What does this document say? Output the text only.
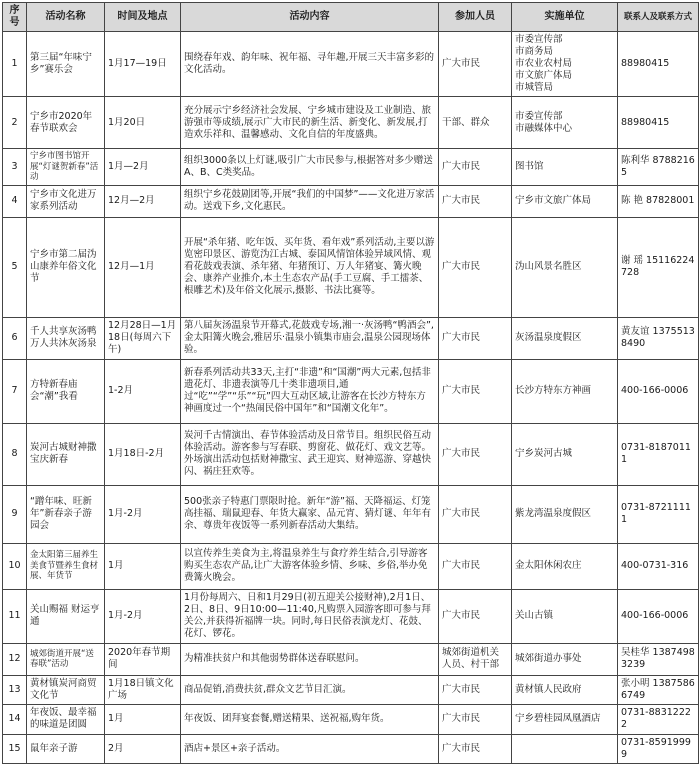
序号	活动名称	时间及地点	活动内容	参加人员	实施单位	联系人及联系方式
1	第三届“年味宁乡”赛乐会	1月17—19日	围绕春年戏、韵年味、祝年福、寻年趣,开展三天丰富多彩的文化活动。	广大市民	市委宣传部
市商务局
市农业农村局
市文旅广体局
市城管局	88980415
2	宁乡市2020年春节联欢会	1月20日	充分展示宁乡经济社会发展、宁乡城市建设及工业制造、旅游强市等成绩,展示广大市民的新生活、新变化、新发展,打造欢乐祥和、温馨感动、文化自信的年度盛典。	干部、群众	市委宣传部
市融媒体中心	88980415
3	宁乡市图书馆开展“灯谜贺新春”活动	1月—2月	组织3000条以上灯谜,吸引广大市民参与,根据答对多少赠送A、B、C类奖品。	广大市民	图书馆	陈利华 87882165
4	宁乡市文化进万家系列活动	12月—2月	组织宁乡花鼓剧团等,开展“我们的中国梦”——文化进万家活动。送戏下乡,文化惠民。	广大市民	宁乡市文旅广体局	陈 艳 87828001
5	宁乡市第二届沩山康养年俗文化节	12月—1月	开展“杀年猪、吃年饭、买年货、看年戏”系列活动,主要以游览密印景区、游览沩江古城、泰国风情馆体验异域风情、观看花鼓戏表演、杀年猪、年猪预订、万人年猪宴、篝火晚会、康养产业推介,本土生态农产品(手工豆腐、手工擂茶、根雕艺术)及年俗文化展示,摄影、书法比赛等。	广大市民	沩山风景名胜区	谢 瑶 15116224728
6	千人共享灰汤鸭 万人共沐灰汤泉	12月28日—1月18日(每周六下午)	第八届灰汤温泉节开幕式,花鼓戏专场,湘一·灰汤鸭“鸭酒会”,金太阳篝火晚会,雅居乐·温泉小镇集市庙会,温泉公园现场体验。	广大市民	灰汤温泉度假区	黄友谊 13755138490
7	方特新春庙会“潮”我看	1-2月	新春系列活动共33天,主打“非遗”和“国潮”两大元素,包括非遗花灯、非遗表演等几十类非遗项目,通过“吃”“学”“乐”“玩”四大互动区域,让游客在长沙方特东方神画度过一个“热闹民俗中国年”和“国潮文化年”。	广大市民	长沙方特东方神画	400-166-0006
8	炭河古城财神撒宝庆新春	1月18日-2月	炭河千古情演出、春节体验活动及日常节目。组织民俗互动体验活动。游客参与写春联、剪窗花、做花灯、戏文艺等。外场演出活动包括财神撒宝、武王迎宾、财神巡游、穿越快闪、祸庄狂欢等。	广大市民	宁乡炭河古城	0731-81870111
9	“蹭年味、旺新年”新春亲子游园会	1月-2月	500张亲子特惠门票限时抢。新年“游”福、天降福运、灯笼高挂福、瑞鼠迎春、年货大赢家、品元宵、猜灯谜、年年有余、尊贵年夜饭等一系列新春活动大集结。	广大市民	紫龙湾温泉度假区	0731-87211111
10	金太阳第三届养生美食节暨养生食材展、年货节	1月	以宣传养生美食为主,将温泉养生与食疗养生结合,引导游客购买生态农产品,让广大游客体验乡情、乡味、乡俗,举办免费篝火晚会。	广大市民	金太阳休闲农庄	400-0731-316
11	关山赐福 财运亨通	1月-2月	1月份每周六、日和1月29日(初五迎关公接财神),2月1日、2日、8日、9日10:00—11:40,凡购票入园游客即可参与拜关公,并获得祈福牌一块。同时,每日民俗表演龙灯、花鼓、花灯、锣花。	广大市民	关山古镇	400-166-0006
12	城郊街道开展“送春联”活动	2020年春节期间	为精准扶贫户和其他弱势群体送春联慰问。	城郊街道机关人员、村干部	城郊街道办事处	吴桂华 13874983239
13	黄材镇炭河商贸文化节	1月18日镇文化广场	商品促销,消费扶贫,群众文艺节目汇演。	广大市民	黄材镇人民政府	张小明 13875866749
14	年夜饭、最幸福的味道是团圆	1月	年夜饭、团拜宴套餐,赠送精果、送祝福,购年货。	广大市民	宁乡碧桂园凤凰酒店	0731-88312222
15	鼠年亲子游	2月	酒店+景区+亲子活动。	广大市民		0731-85919999
